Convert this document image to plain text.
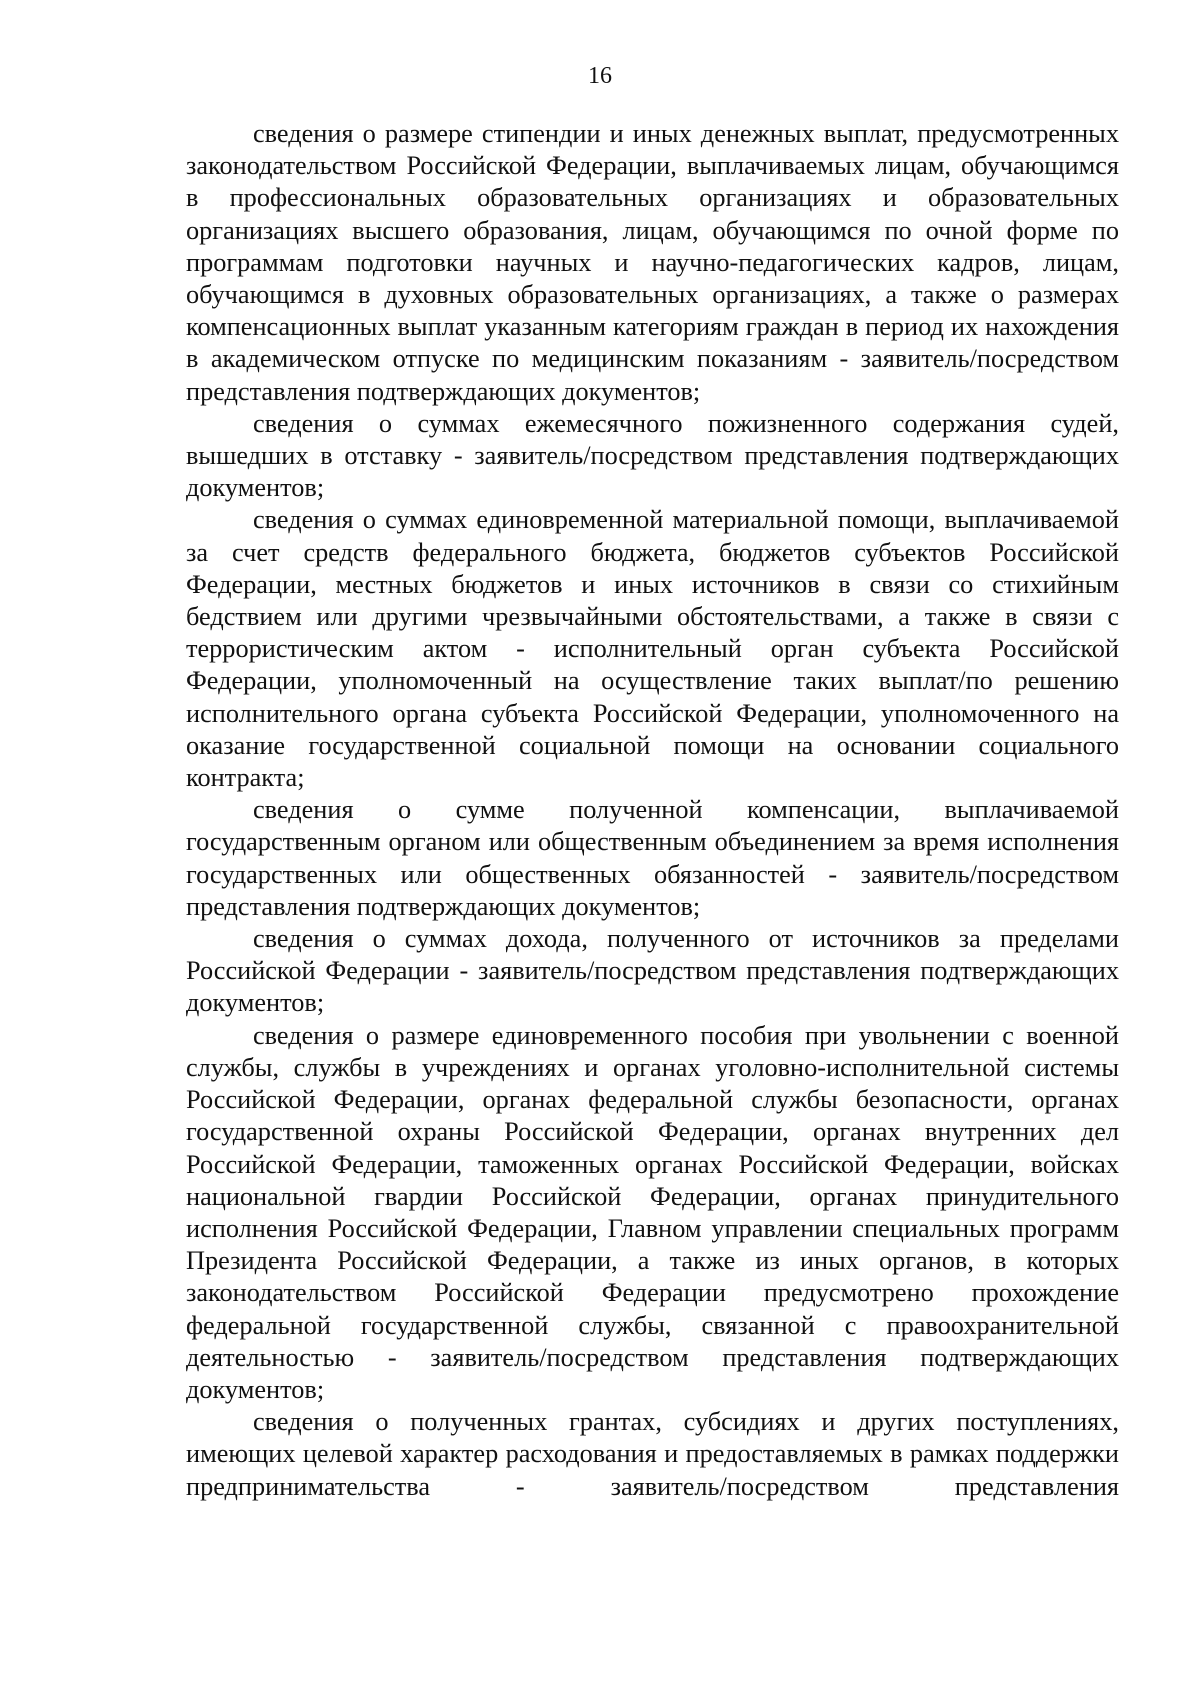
16

сведения о размере стипендии и иных денежных выплат, предусмотренных законодательством Российской Федерации, выплачиваемых лицам, обучающимся в профессиональных образовательных организациях и образовательных организациях высшего образования, лицам, обучающимся по очной форме по программам подготовки научных и научно-педагогических кадров, лицам, обучающимся в духовных образовательных организациях, а также о размерах компенсационных выплат указанным категориям граждан в период их нахождения в академическом отпуске по медицинским показаниям - заявитель/посредством представления подтверждающих документов;

сведения о суммах ежемесячного пожизненного содержания судей, вышедших в отставку - заявитель/посредством представления подтверждающих документов;

сведения о суммах единовременной материальной помощи, выплачиваемой за счет средств федерального бюджета, бюджетов субъектов Российской Федерации, местных бюджетов и иных источников в связи со стихийным бедствием или другими чрезвычайными обстоятельствами, а также в связи с террористическим актом - исполнительный орган субъекта Российской Федерации, уполномоченный на осуществление таких выплат/по решению исполнительного органа субъекта Российской Федерации, уполномоченного на оказание государственной социальной помощи на основании социального контракта;

сведения о сумме полученной компенсации, выплачиваемой государственным органом или общественным объединением за время исполнения государственных или общественных обязанностей - заявитель/посредством представления подтверждающих документов;

сведения о суммах дохода, полученного от источников за пределами Российской Федерации - заявитель/посредством представления подтверждающих документов;

сведения о размере единовременного пособия при увольнении с военной службы, службы в учреждениях и органах уголовно-исполнительной системы Российской Федерации, органах федеральной службы безопасности, органах государственной охраны Российской Федерации, органах внутренних дел Российской Федерации, таможенных органах Российской Федерации, войсках национальной гвардии Российской Федерации, органах принудительного исполнения Российской Федерации, Главном управлении специальных программ Президента Российской Федерации, а также из иных органов, в которых законодательством Российской Федерации предусмотрено прохождение федеральной государственной службы, связанной с правоохранительной деятельностью - заявитель/посредством представления подтверждающих документов;

сведения о полученных грантах, субсидиях и других поступлениях, имеющих целевой характер расходования и предоставляемых в рамках поддержки предпринимательства - заявитель/посредством представления
